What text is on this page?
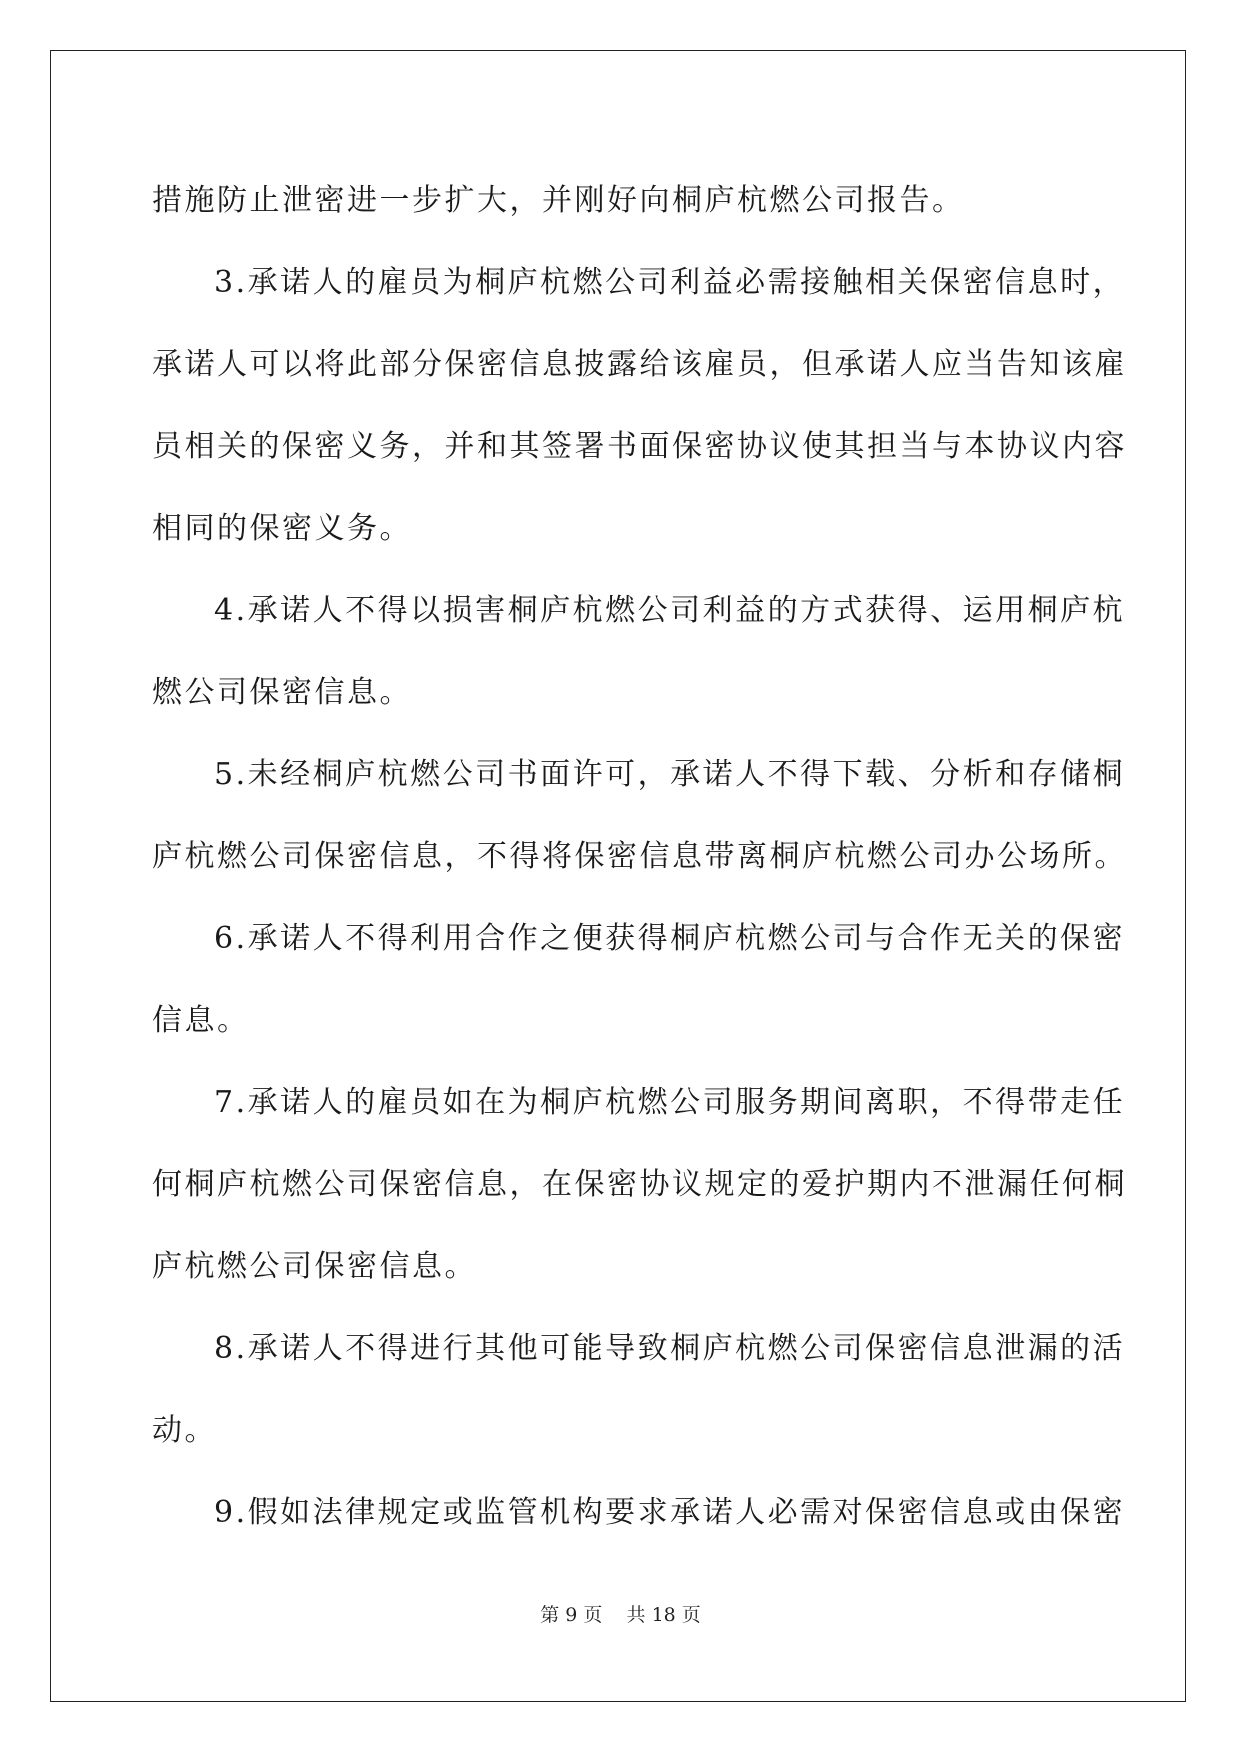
措施防止泄密进一步扩大，并刚好向桐庐杭燃公司报告。
3.承诺人的雇员为桐庐杭燃公司利益必需接触相关保密信息时，
承诺人可以将此部分保密信息披露给该雇员，但承诺人应当告知该雇
员相关的保密义务，并和其签署书面保密协议使其担当与本协议内容
相同的保密义务。
4.承诺人不得以损害桐庐杭燃公司利益的方式获得、运用桐庐杭
燃公司保密信息。
5.未经桐庐杭燃公司书面许可，承诺人不得下载、分析和存储桐
庐杭燃公司保密信息，不得将保密信息带离桐庐杭燃公司办公场所。
6.承诺人不得利用合作之便获得桐庐杭燃公司与合作无关的保密
信息。
7.承诺人的雇员如在为桐庐杭燃公司服务期间离职，不得带走任
何桐庐杭燃公司保密信息，在保密协议规定的爱护期内不泄漏任何桐
庐杭燃公司保密信息。
8.承诺人不得进行其他可能导致桐庐杭燃公司保密信息泄漏的活
动。
9.假如法律规定或监管机构要求承诺人必需对保密信息或由保密
第 9 页 共 18 页
